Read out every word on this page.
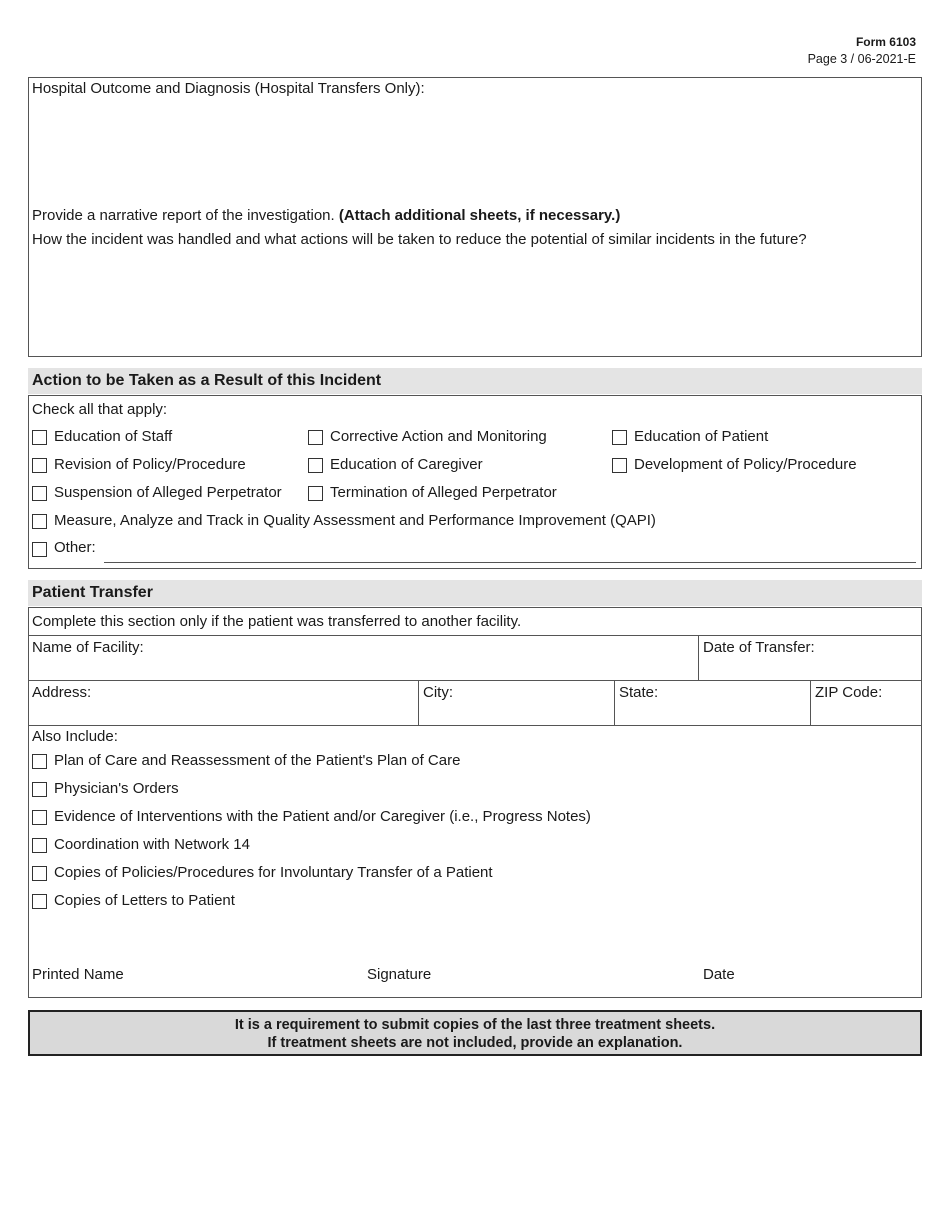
Form 6103
Page 3 / 06-2021-E
Hospital Outcome and Diagnosis (Hospital Transfers Only):
Provide a narrative report of the investigation. (Attach additional sheets, if necessary.)
How the incident was handled and what actions will be taken to reduce the potential of similar incidents in the future?
Action to be Taken as a Result of this Incident
Check all that apply:
Education of Staff	Corrective Action and Monitoring	Education of Patient
Revision of Policy/Procedure	Education of Caregiver	Development of Policy/Procedure
Suspension of Alleged Perpetrator	Termination of Alleged Perpetrator
Measure, Analyze and Track in Quality Assessment and Performance Improvement (QAPI)
Other:
Patient Transfer
Complete this section only if the patient was transferred to another facility.
Name of Facility:	Date of Transfer:
Address:	City:	State:	ZIP Code:
Also Include:
Plan of Care and Reassessment of the Patient's Plan of Care
Physician's Orders
Evidence of Interventions with the Patient and/or Caregiver (i.e., Progress Notes)
Coordination with Network 14
Copies of Policies/Procedures for Involuntary Transfer of a Patient
Copies of Letters to Patient
Printed Name	Signature	Date
It is a requirement to submit copies of the last three treatment sheets.
If treatment sheets are not included, provide an explanation.
